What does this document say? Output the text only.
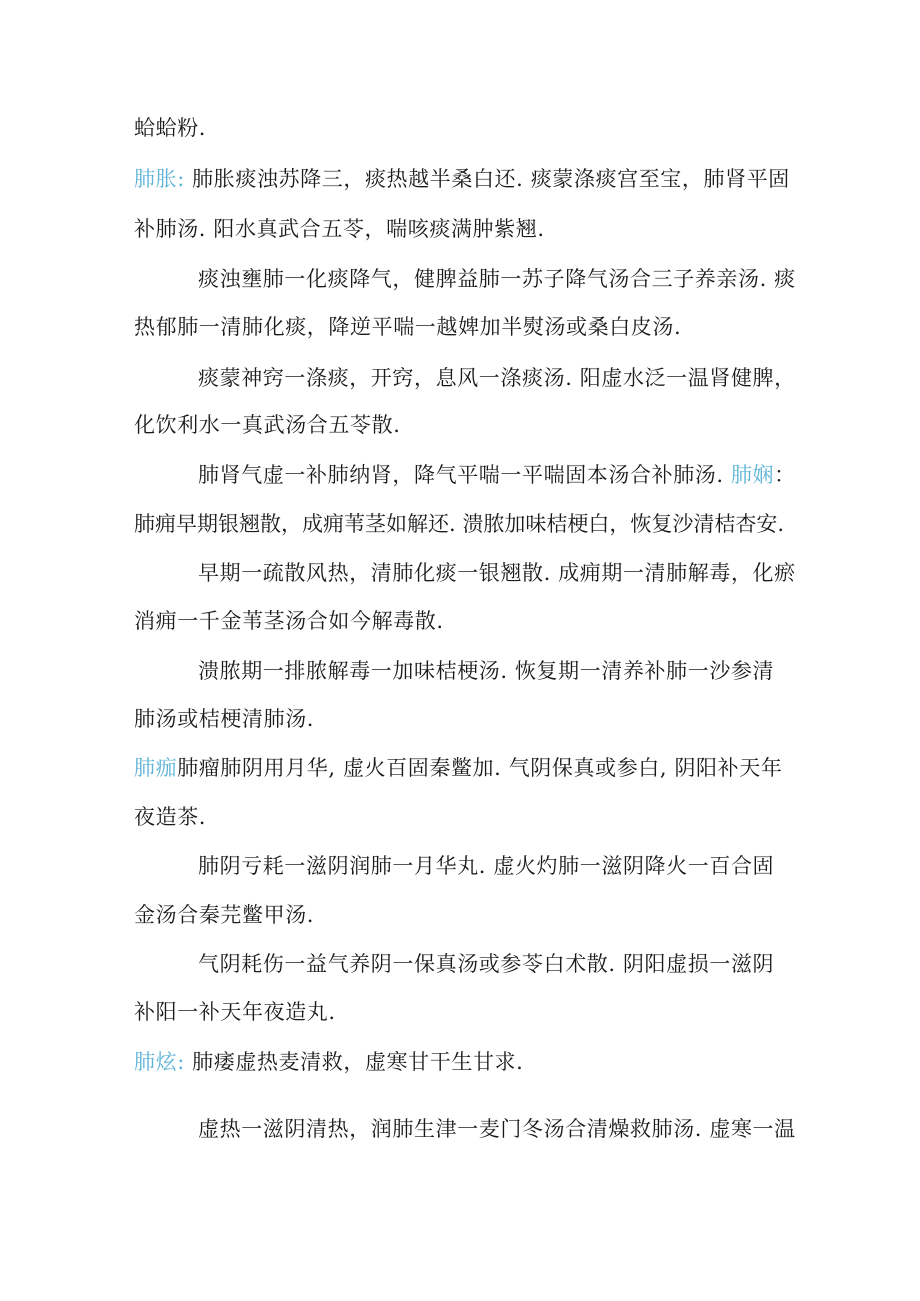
蛤蛤粉.
肺胀: 肺胀痰浊苏降三，痰热越半桑白还. 痰蒙涤痰宫至宝，肺肾平固
补肺汤. 阳水真武合五苓，喘咳痰满肿紫翘.
痰浊壅肺一化痰降气，健脾益肺一苏子降气汤合三子养亲汤. 痰
热郁肺一清肺化痰，降逆平喘一越婢加半熨汤或桑白皮汤.
痰蒙神窍一涤痰，开窍，息风一涤痰汤. 阳虚水泛一温肾健脾，
化饮利水一真武汤合五苓散.
肺肾气虚一补肺纳肾，降气平喘一平喘固本汤合补肺汤. 肺娴：
肺痈早期银翘散，成痈苇茎如解还. 溃脓加味桔梗白，恢复沙清桔杏安.
早期一疏散风热，清肺化痰一银翘散. 成痈期一清肺解毒，化瘀
消痈一千金苇茎汤合如今解毒散.
溃脓期一排脓解毒一加味桔梗汤. 恢复期一清养补肺一沙参清
肺汤或桔梗清肺汤.
肺痂肺瘤肺阴用月华, 虚火百固秦鳖加. 气阴保真或参白, 阴阳补天年
夜造茶.
肺阴亏耗一滋阴润肺一月华丸. 虚火灼肺一滋阴降火一百合固
金汤合秦芫鳖甲汤.
气阴耗伤一益气养阴一保真汤或参苓白术散. 阴阳虚损一滋阴
补阳一补天年夜造丸.
肺炫: 肺痿虚热麦清救，虚寒甘干生甘求.
虚热一滋阴清热，润肺生津一麦门冬汤合清燥救肺汤. 虚寒一温
